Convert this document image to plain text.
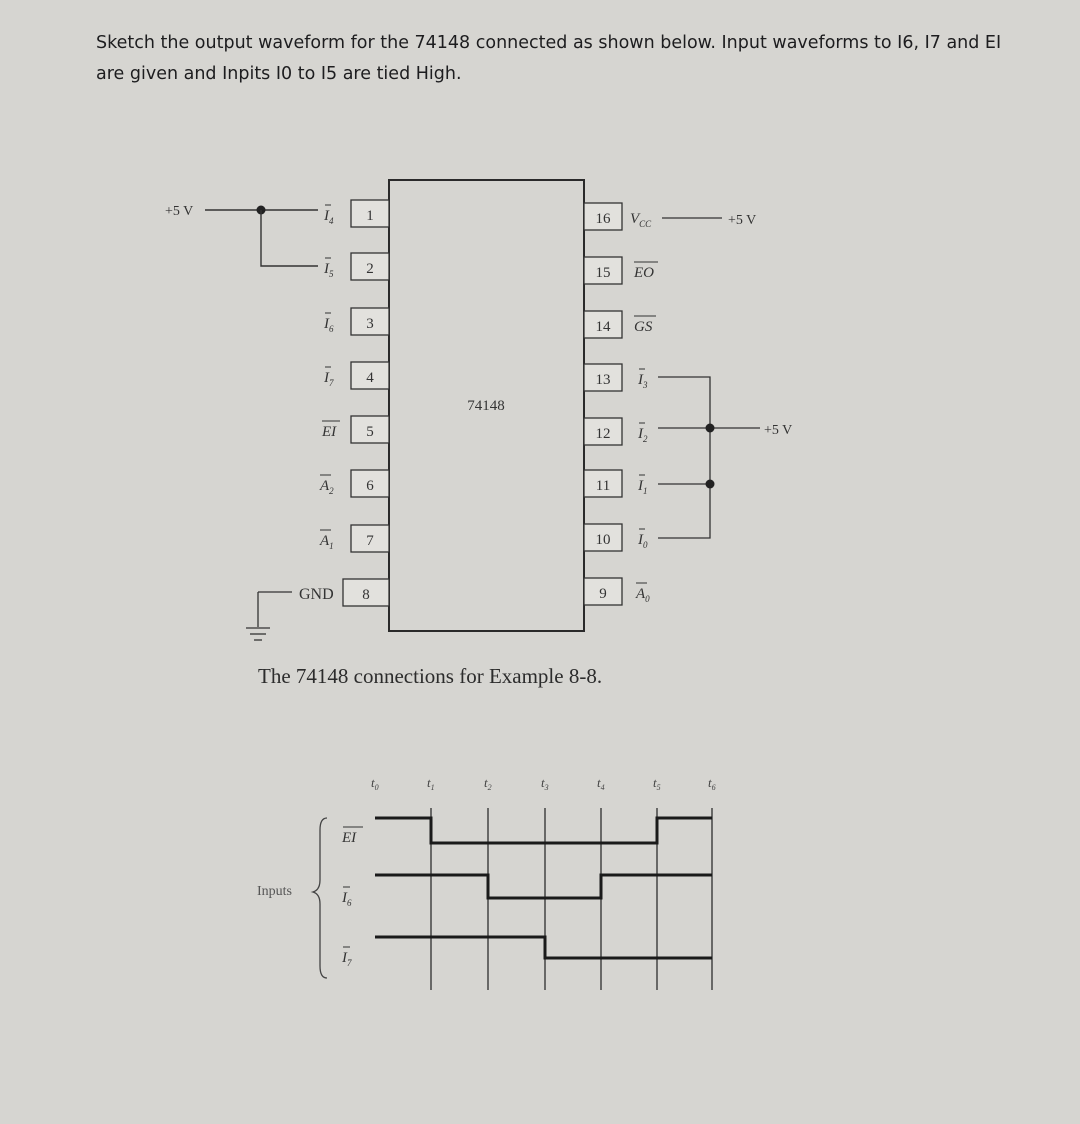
Sketch the output waveform for the 74148 connected as shown below. Input waveforms to I6, I7 and EI
are given and Inpits I0 to I5 are tied High.

74148
1
$I_4$
2
$I_5$
3
$I_6$
4
$I_7$
5
EI
6
$A_2$
7
$A_1$
8
GND
16 $V_{CC}$
15 EO
14 GS
13 $I_3$
12 $I_2$
11 $I_1$
10 $I_0$
9 $A_0$
+5 V
+5 V
+5 V
$t_0$	$t_1$	$t_2$	$t_3$	$t_4$	$t_5$	$t_6$
EI
$I_6$
$I_7$
Inputs

The 74148 connections for Example 8-8.
